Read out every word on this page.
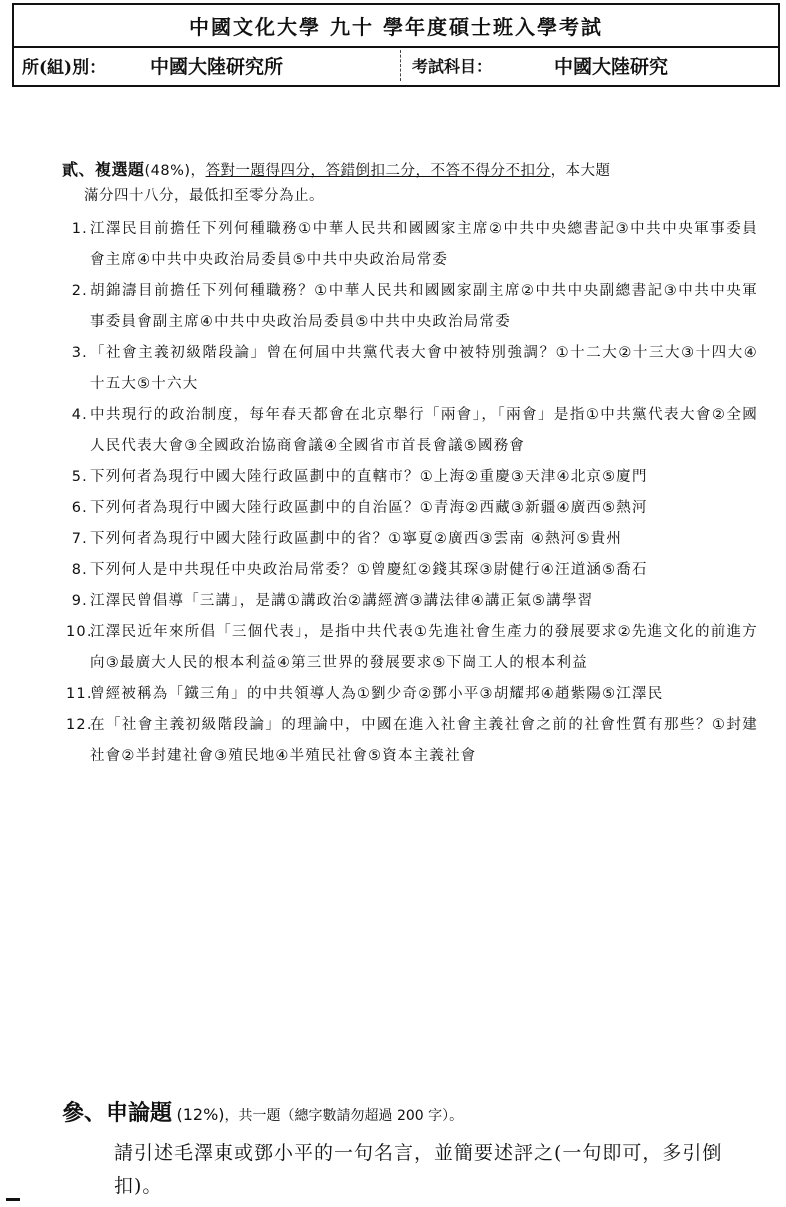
中國文化大學 九十 學年度碩士班入學考試
所(組)別： 中國大陸研究所	考試科目：	中國大陸研究
貳、複選題(48%)，答對一題得四分，答錯倒扣二分，不答不得分不扣分，本大題
滿分四十八分，最低扣至零分為止。
1. 江澤民目前擔任下列何種職務①中華人民共和國國家主席②中共中央總書記③中共中央軍事委員會主席④中共中央政治局委員⑤中共中央政治局常委
2. 胡錦濤目前擔任下列何種職務？①中華人民共和國國家副主席②中共中央副總書記③中共中央軍事委員會副主席④中共中央政治局委員⑤中共中央政治局常委
3. 「社會主義初級階段論」曾在何屆中共黨代表大會中被特別強調？①十二大②十三大③十四大④十五大⑤十六大
4. 中共現行的政治制度，每年春天都會在北京舉行「兩會」，「兩會」是指①中共黨代表大會②全國人民代表大會③全國政治協商會議④全國省市首長會議⑤國務會
5. 下列何者為現行中國大陸行政區劃中的直轄市？①上海②重慶③天津④北京⑤廈門
6. 下列何者為現行中國大陸行政區劃中的自治區？①青海②西藏③新疆④廣西⑤熱河
7. 下列何者為現行中國大陸行政區劃中的省？①寧夏②廣西③雲南 ④熱河⑤貴州
8. 下列何人是中共現任中央政治局常委？①曾慶紅②錢其琛③尉健行④汪道涵⑤喬石
9. 江澤民曾倡導「三講」，是講①講政治②講經濟③講法律④講正氣⑤講學習
10.
江澤民近年來所倡「三個代表」，是指中共代表①先進社會生產力的發展要求②先進文化的前進方向③最廣大人民的根本利益④第三世界的發展要求⑤下崗工人的根本利益
11.
曾經被稱為「鐵三角」的中共領導人為①劉少奇②鄧小平③胡耀邦④趙紫陽⑤江澤民
12.
在「社會主義初級階段論」的理論中，中國在進入社會主義社會之前的社會性質有那些？①封建社會②半封建社會③殖民地④半殖民社會⑤資本主義社會
參、申論題 (12%)，共一題（總字數請勿超過 200 字）。
請引述毛澤東或鄧小平的一句名言，並簡要述評之(一句即可，多引倒扣)。
